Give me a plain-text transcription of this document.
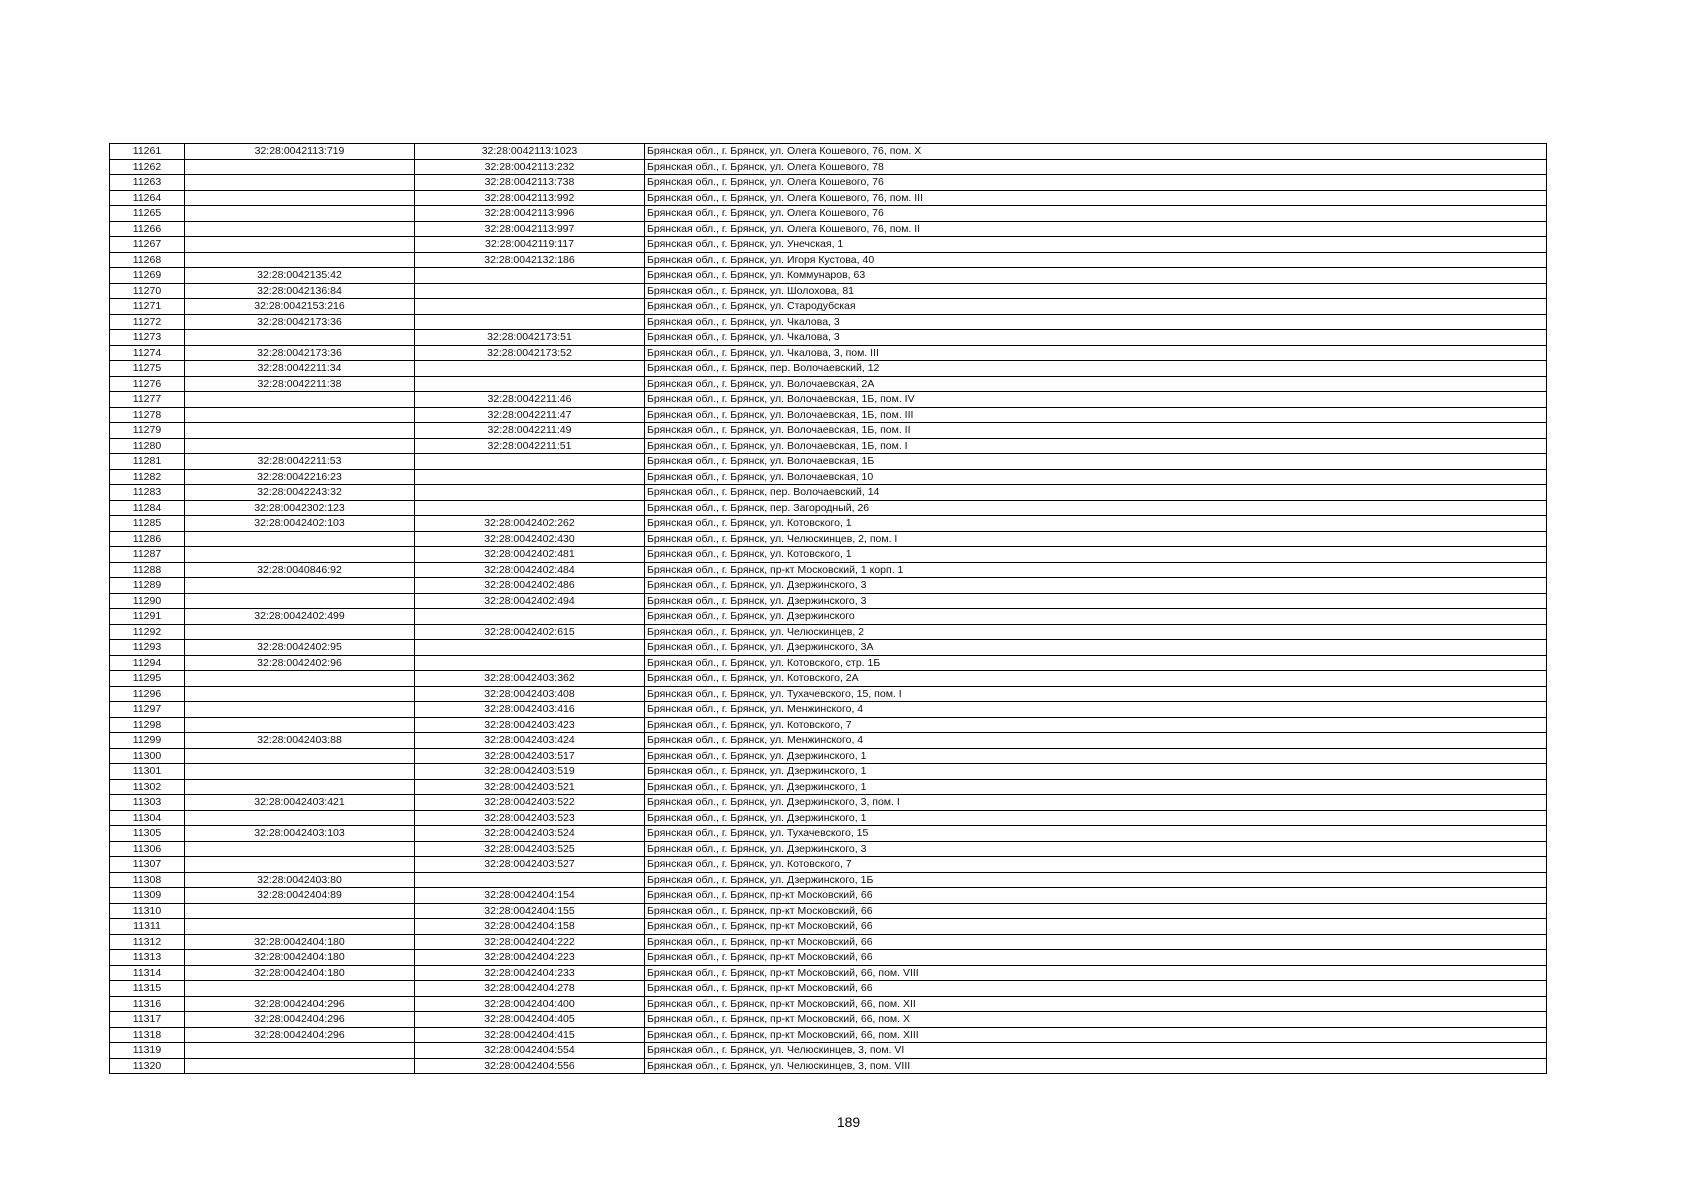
11261	32:28:0042113:719	32:28:0042113:1023	Брянская обл., г. Брянск, ул. Олега Кошевого, 76, пом. X
11262		32:28:0042113:232	Брянская обл., г. Брянск, ул. Олега Кошевого, 78
11263		32:28:0042113:738	Брянская обл., г. Брянск, ул. Олега Кошевого, 76
11264		32:28:0042113:992	Брянская обл., г. Брянск, ул. Олега Кошевого, 76, пом. III
11265		32:28:0042113:996	Брянская обл., г. Брянск, ул. Олега Кошевого, 76
11266		32:28:0042113:997	Брянская обл., г. Брянск, ул. Олега Кошевого, 76, пом. II
11267		32:28:0042119:117	Брянская обл., г. Брянск, ул. Унечская, 1
11268		32:28:0042132:186	Брянская обл., г. Брянск, ул. Игоря Кустова, 40
11269	32:28:0042135:42		Брянская обл., г. Брянск, ул. Коммунаров, 63
11270	32:28:0042136:84		Брянская обл., г. Брянск, ул. Шолохова, 81
11271	32:28:0042153:216		Брянская обл., г. Брянск, ул. Стародубская
11272	32:28:0042173:36		Брянская обл., г. Брянск, ул. Чкалова, 3
11273		32:28:0042173:51	Брянская обл., г. Брянск, ул. Чкалова, 3
11274	32:28:0042173:36	32:28:0042173:52	Брянская обл., г. Брянск, ул. Чкалова, 3, пом. III
11275	32:28:0042211:34		Брянская обл., г. Брянск, пер. Волочаевский, 12
11276	32:28:0042211:38		Брянская обл., г. Брянск, ул. Волочаевская, 2А
11277		32:28:0042211:46	Брянская обл., г. Брянск, ул. Волочаевская, 1Б, пом. IV
11278		32:28:0042211:47	Брянская обл., г. Брянск, ул. Волочаевская, 1Б, пом. III
11279		32:28:0042211:49	Брянская обл., г. Брянск, ул. Волочаевская, 1Б, пом. II
11280		32:28:0042211:51	Брянская обл., г. Брянск, ул. Волочаевская, 1Б, пом. I
11281	32:28:0042211:53		Брянская обл., г. Брянск, ул. Волочаевская, 1Б
11282	32:28:0042216:23		Брянская обл., г. Брянск, ул. Волочаевская, 10
11283	32:28:0042243:32		Брянская обл., г. Брянск, пер. Волочаевский, 14
11284	32:28:0042302:123		Брянская обл., г. Брянск, пер. Загородный, 26
11285	32:28:0042402:103	32:28:0042402:262	Брянская обл., г. Брянск, ул. Котовского, 1
11286		32:28:0042402:430	Брянская обл., г. Брянск, ул. Челюскинцев, 2, пом. I
11287		32:28:0042402:481	Брянская обл., г. Брянск, ул. Котовского, 1
11288	32:28:0040846:92	32:28:0042402:484	Брянская обл., г. Брянск, пр-кт Московский, 1 корп. 1
11289		32:28:0042402:486	Брянская обл., г. Брянск, ул. Дзержинского, 3
11290		32:28:0042402:494	Брянская обл., г. Брянск, ул. Дзержинского, 3
11291	32:28:0042402:499		Брянская обл., г. Брянск, ул. Дзержинского
11292		32:28:0042402:615	Брянская обл., г. Брянск, ул. Челюскинцев, 2
11293	32:28:0042402:95		Брянская обл., г. Брянск, ул. Дзержинского, 3А
11294	32:28:0042402:96		Брянская обл., г. Брянск, ул. Котовского, стр. 1Б
11295		32:28:0042403:362	Брянская обл., г. Брянск, ул. Котовского, 2А
11296		32:28:0042403:408	Брянская обл., г. Брянск, ул. Тухачевского, 15, пом. I
11297		32:28:0042403:416	Брянская обл., г. Брянск, ул. Менжинского, 4
11298		32:28:0042403:423	Брянская обл., г. Брянск, ул. Котовского, 7
11299	32:28:0042403:88	32:28:0042403:424	Брянская обл., г. Брянск, ул. Менжинского, 4
11300		32:28:0042403:517	Брянская обл., г. Брянск, ул. Дзержинского, 1
11301		32:28:0042403:519	Брянская обл., г. Брянск, ул. Дзержинского, 1
11302		32:28:0042403:521	Брянская обл., г. Брянск, ул. Дзержинского, 1
11303	32:28:0042403:421	32:28:0042403:522	Брянская обл., г. Брянск, ул. Дзержинского, 3, пом. I
11304		32:28:0042403:523	Брянская обл., г. Брянск, ул. Дзержинского, 1
11305	32:28:0042403:103	32:28:0042403:524	Брянская обл., г. Брянск, ул. Тухачевского, 15
11306		32:28:0042403:525	Брянская обл., г. Брянск, ул. Дзержинского, 3
11307		32:28:0042403:527	Брянская обл., г. Брянск, ул. Котовского, 7
11308	32:28:0042403:80		Брянская обл., г. Брянск, ул. Дзержинского, 1Б
11309	32:28:0042404:89	32:28:0042404:154	Брянская обл., г. Брянск, пр-кт Московский, 66
11310		32:28:0042404:155	Брянская обл., г. Брянск, пр-кт Московский, 66
11311		32:28:0042404:158	Брянская обл., г. Брянск, пр-кт Московский, 66
11312	32:28:0042404:180	32:28:0042404:222	Брянская обл., г. Брянск, пр-кт Московский, 66
11313	32:28:0042404:180	32:28:0042404:223	Брянская обл., г. Брянск, пр-кт Московский, 66
11314	32:28:0042404:180	32:28:0042404:233	Брянская обл., г. Брянск, пр-кт Московский, 66, пом. VIII
11315		32:28:0042404:278	Брянская обл., г. Брянск, пр-кт Московский, 66
11316	32:28:0042404:296	32:28:0042404:400	Брянская обл., г. Брянск, пр-кт Московский, 66, пом. XII
11317	32:28:0042404:296	32:28:0042404:405	Брянская обл., г. Брянск, пр-кт Московский, 66, пом. X
11318	32:28:0042404:296	32:28:0042404:415	Брянская обл., г. Брянск, пр-кт Московский, 66, пом. XIII
11319		32:28:0042404:554	Брянская обл., г. Брянск, ул. Челюскинцев, 3, пом. VI
11320		32:28:0042404:556	Брянская обл., г. Брянск, ул. Челюскинцев, 3, пом. VIII
189
